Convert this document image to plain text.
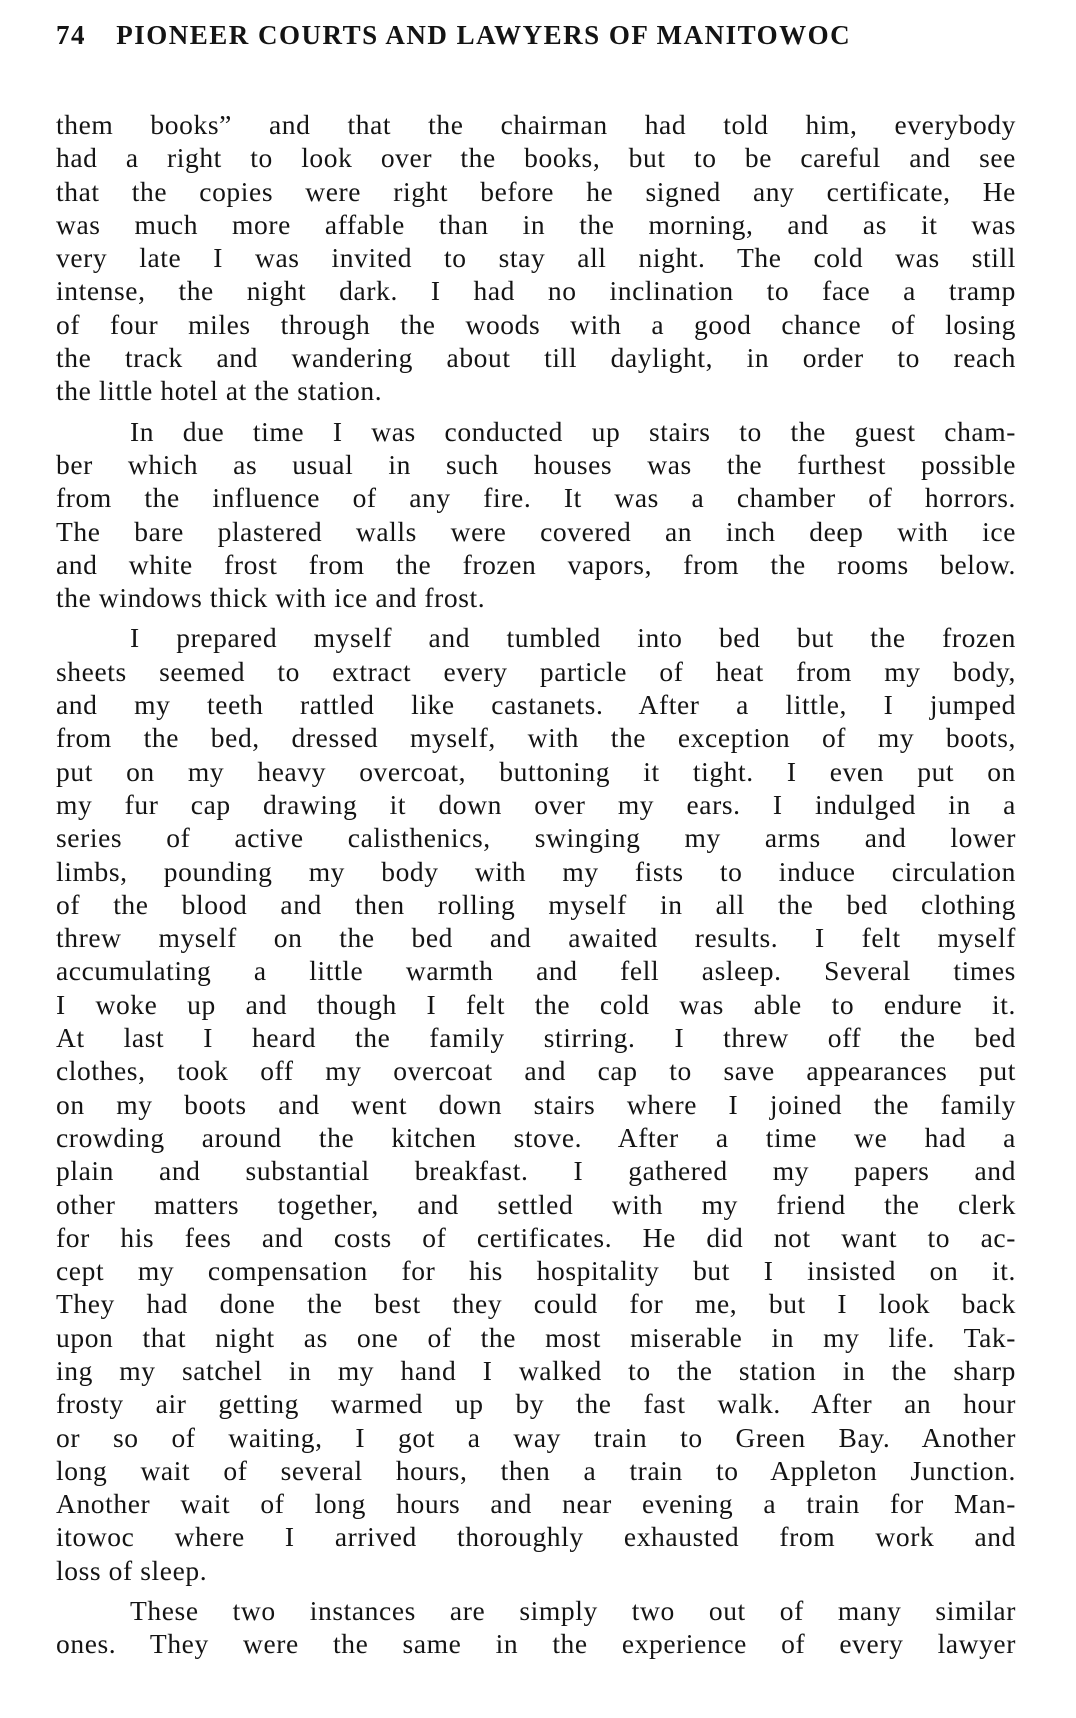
74 PIONEER COURTS AND LAWYERS OF MANITOWOC
them books” and that the chairman had told him, everybody
had a right to look over the books, but to be careful and see
that the copies were right before he signed any certificate, He
was much more affable than in the morning, and as it was
very late I was invited to stay all night. The cold was still
intense, the night dark. I had no inclination to face a tramp
of four miles through the woods with a good chance of losing
the track and wandering about till daylight, in order to reach
the little hotel at the station.
In due time I was conducted up stairs to the guest cham-
ber which as usual in such houses was the furthest possible
from the influence of any fire. It was a chamber of horrors.
The bare plastered walls were covered an inch deep with ice
and white frost from the frozen vapors, from the rooms below.
the windows thick with ice and frost.
I prepared myself and tumbled into bed but the frozen
sheets seemed to extract every particle of heat from my body,
and my teeth rattled like castanets. After a little, I jumped
from the bed, dressed myself, with the exception of my boots,
put on my heavy overcoat, buttoning it tight. I even put on
my fur cap drawing it down over my ears. I indulged in a
series of active calisthenics, swinging my arms and lower
limbs, pounding my body with my fists to induce circulation
of the blood and then rolling myself in all the bed clothing
threw myself on the bed and awaited results. I felt myself
accumulating a little warmth and fell asleep. Several times
I woke up and though I felt the cold was able to endure it.
At last I heard the family stirring. I threw off the bed
clothes, took off my overcoat and cap to save appearances put
on my boots and went down stairs where I joined the family
crowding around the kitchen stove. After a time we had a
plain and substantial breakfast. I gathered my papers and
other matters together, and settled with my friend the clerk
for his fees and costs of certificates. He did not want to ac-
cept my compensation for his hospitality but I insisted on it.
They had done the best they could for me, but I look back
upon that night as one of the most miserable in my life. Tak-
ing my satchel in my hand I walked to the station in the sharp
frosty air getting warmed up by the fast walk. After an hour
or so of waiting, I got a way train to Green Bay. Another
long wait of several hours, then a train to Appleton Junction.
Another wait of long hours and near evening a train for Man-
itowoc where I arrived thoroughly exhausted from work and
loss of sleep.
These two instances are simply two out of many similar
ones. They were the same in the experience of every lawyer
